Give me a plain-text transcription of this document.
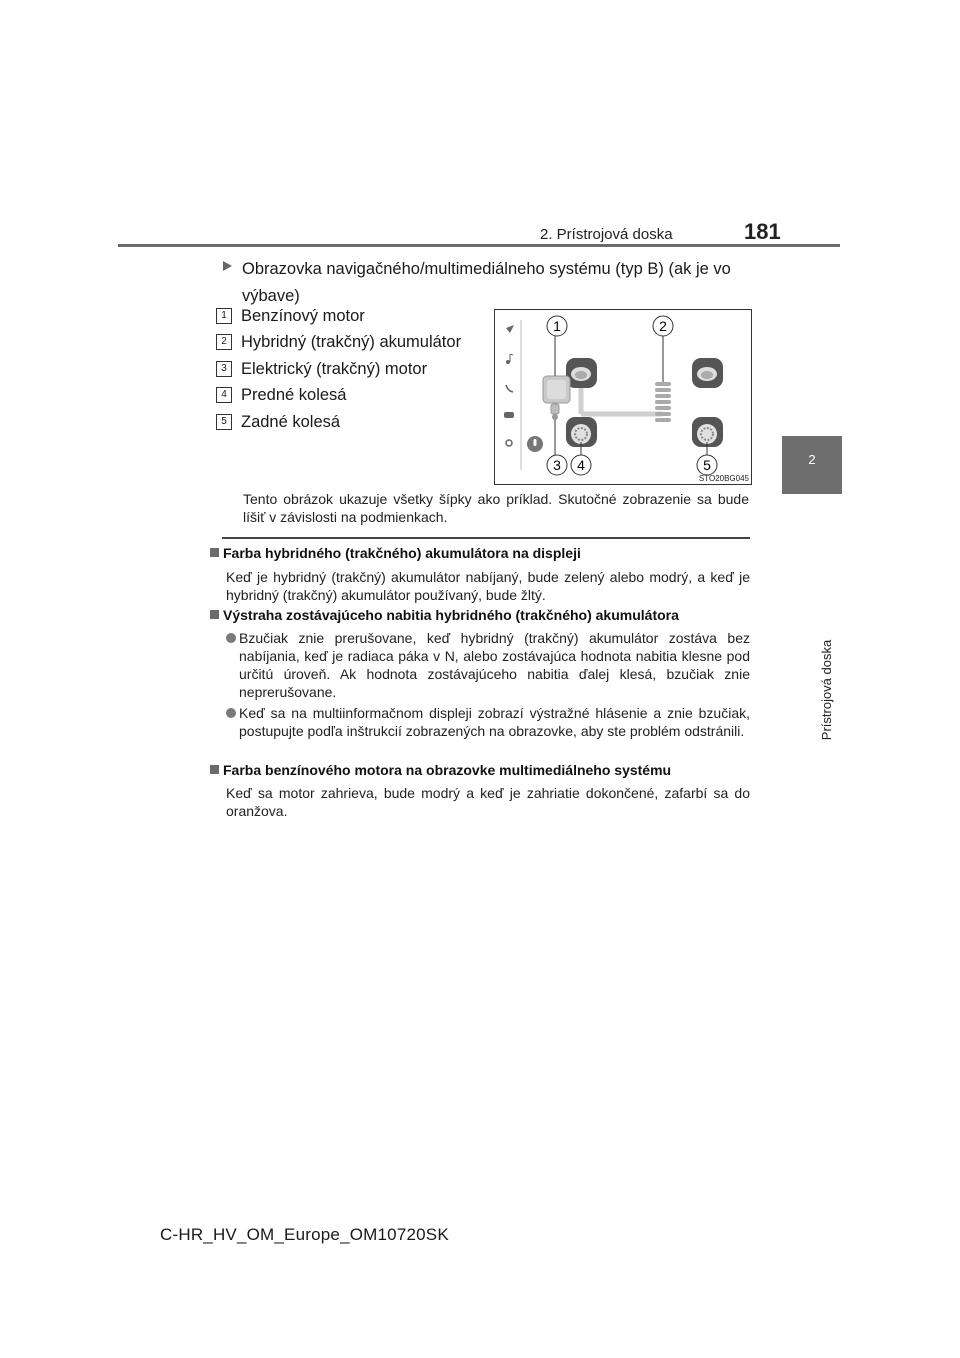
2. Prístrojová doska	181
2
Prístrojová doska
Obrazovka navigačného/multimediálneho systému (typ B) (ak je vo výbave)
1 Benzínový motor
2 Hybridný (trakčný) akumulátor
3 Elektrický (trakčný) motor
4 Predné kolesá
5 Zadné kolesá
1	2
3 4	5
STO20BG045
Tento obrázok ukazuje všetky šípky ako príklad. Skutočné zobrazenie sa bude líšiť v závislosti na podmienkach.
Farba hybridného (trakčného) akumulátora na displeji
Keď je hybridný (trakčný) akumulátor nabíjaný, bude zelený alebo modrý, a keď je hybridný (trakčný) akumulátor používaný, bude žltý.
Výstraha zostávajúceho nabitia hybridného (trakčného) akumulátora
Bzučiak znie prerušovane, keď hybridný (trakčný) akumulátor zostáva bez nabíjania, keď je radiaca páka v N, alebo zostávajúca hodnota nabitia klesne pod určitú úroveň. Ak hodnota zostávajúceho nabitia ďalej klesá, bzučiak znie neprerušovane.
Keď sa na multiinformačnom displeji zobrazí výstražné hlásenie a znie bzučiak, postupujte podľa inštrukcií zobrazených na obrazovke, aby ste problém odstránili.
Farba benzínového motora na obrazovke multimediálneho systému
Keď sa motor zahrieva, bude modrý a keď je zahriatie dokončené, zafarbí sa do oranžova.
C-HR_HV_OM_Europe_OM10720SK
